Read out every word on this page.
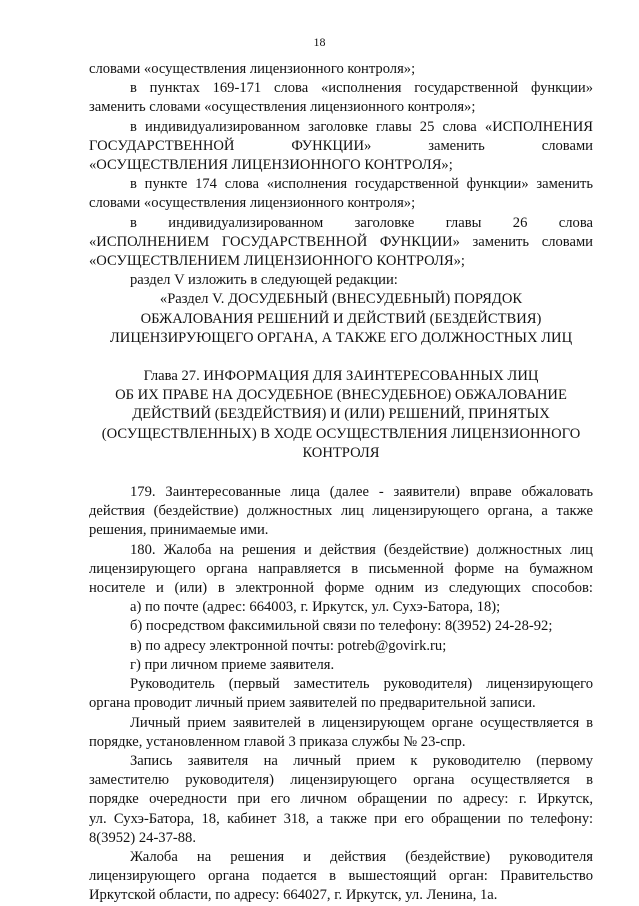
18

словами «осуществления лицензионного контроля»;

в пунктах 169-171 слова «исполнения государственной функции»

заменить словами «осуществления лицензионного контроля»;

в индивидуализированном заголовке главы 25 слова «ИСПОЛНЕНИЯ

ГОСУДАРСТВЕННОЙ ФУНКЦИИ» заменить словами

«ОСУЩЕСТВЛЕНИЯ ЛИЦЕНЗИОННОГО КОНТРОЛЯ»;

в пункте 174 слова «исполнения государственной функции» заменить

словами «осуществления лицензионного контроля»;

в индивидуализированном заголовке главы 26 слова

«ИСПОЛНЕНИЕМ ГОСУДАРСТВЕННОЙ ФУНКЦИИ» заменить словами

«ОСУЩЕСТВЛЕНИЕМ ЛИЦЕНЗИОННОГО КОНТРОЛЯ»;

раздел V изложить в следующей редакции:

«Раздел V. ДОСУДЕБНЫЙ (ВНЕСУДЕБНЫЙ) ПОРЯДОК

ОБЖАЛОВАНИЯ РЕШЕНИЙ И ДЕЙСТВИЙ (БЕЗДЕЙСТВИЯ)

ЛИЦЕНЗИРУЮЩЕГО ОРГАНА, А ТАКЖЕ ЕГО ДОЛЖНОСТНЫХ ЛИЦ

Глава 27. ИНФОРМАЦИЯ ДЛЯ ЗАИНТЕРЕСОВАННЫХ ЛИЦ

ОБ ИХ ПРАВЕ НА ДОСУДЕБНОЕ (ВНЕСУДЕБНОЕ) ОБЖАЛОВАНИЕ

ДЕЙСТВИЙ (БЕЗДЕЙСТВИЯ) И (ИЛИ) РЕШЕНИЙ, ПРИНЯТЫХ

(ОСУЩЕСТВЛЕННЫХ) В ХОДЕ ОСУЩЕСТВЛЕНИЯ ЛИЦЕНЗИОННОГО

КОНТРОЛЯ

179. Заинтересованные лица (далее - заявители) вправе обжаловать

действия (бездействие) должностных лиц лицензирующего органа, а также

решения, принимаемые ими.

180. Жалоба на решения и действия (бездействие) должностных лиц

лицензирующего органа направляется в письменной форме на бумажном

носителе и (или) в электронной форме одним из следующих способов:

а) по почте (адрес: 664003, г. Иркутск, ул. Сухэ-Батора, 18);

б) посредством факсимильной связи по телефону: 8(3952) 24-28-92;

в) по адресу электронной почты: potreb@govirk.ru;

г) при личном приеме заявителя.

Руководитель (первый заместитель руководителя) лицензирующего

органа проводит личный прием заявителей по предварительной записи.

Личный прием заявителей в лицензирующем органе осуществляется в

порядке, установленном главой 3 приказа службы № 23-спр.

Запись заявителя на личный прием к руководителю (первому

заместителю руководителя) лицензирующего органа осуществляется в

порядке очередности при его личном обращении по адресу: г. Иркутск,

ул. Сухэ-Батора, 18, кабинет 318, а также при его обращении по телефону:

8(3952) 24-37-88.

Жалоба на решения и действия (бездействие) руководителя

лицензирующего органа подается в вышестоящий орган: Правительство

Иркутской области, по адресу: 664027, г. Иркутск, ул. Ленина, 1а.
